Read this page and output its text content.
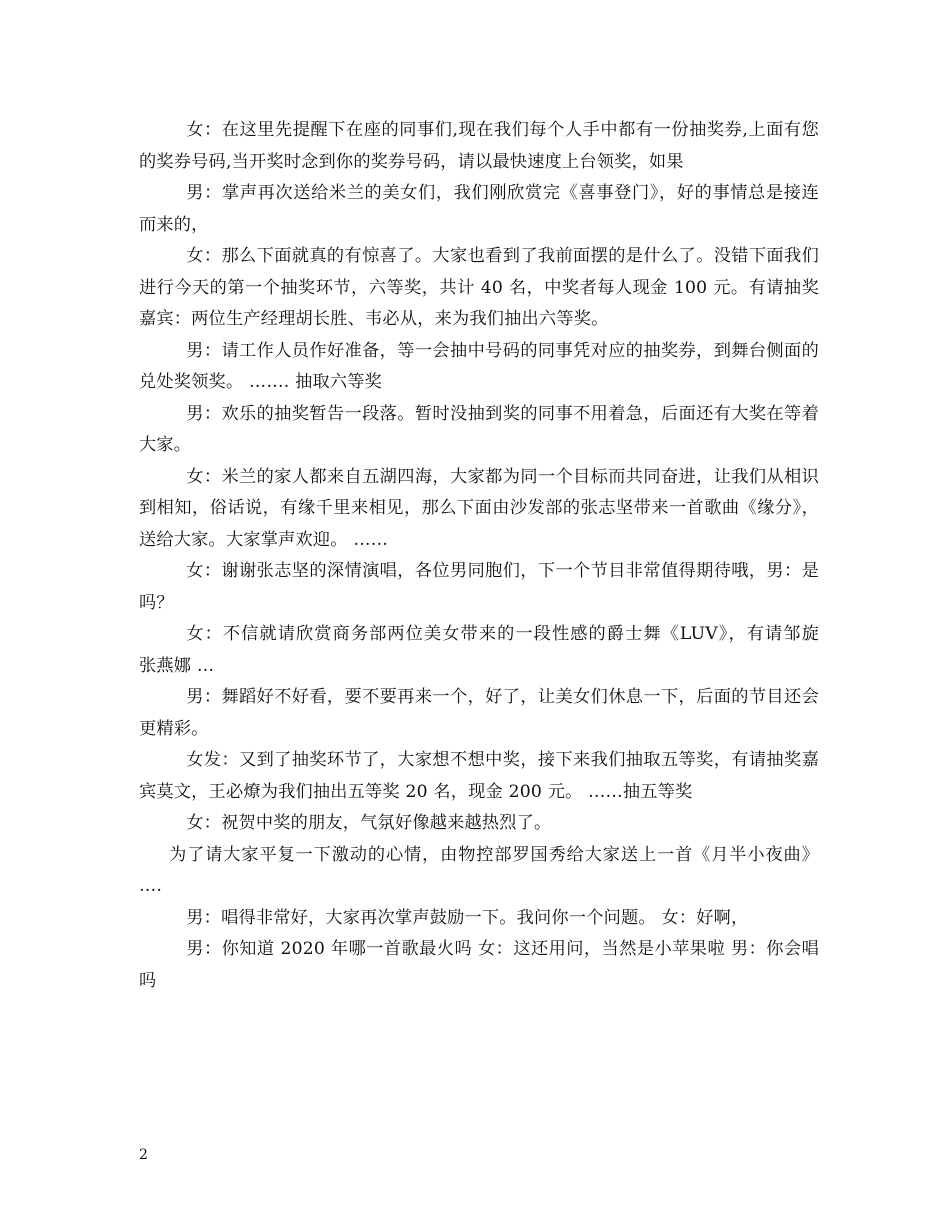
女：在这里先提醒下在座的同事们,现在我们每个人手中都有一份抽奖券,上面有您的奖券号码,当开奖时念到你的奖券号码，请以最快速度上台领奖，如果

男：掌声再次送给米兰的美女们，我们刚欣赏完《喜事登门》，好的事情总是接连而来的，

女：那么下面就真的有惊喜了。大家也看到了我前面摆的是什么了。没错下面我们进行今天的第一个抽奖环节，六等奖，共计 40 名，中奖者每人现金 100 元。有请抽奖嘉宾：两位生产经理胡长胜、韦必从，来为我们抽出六等奖。

男：请工作人员作好准备，等一会抽中号码的同事凭对应的抽奖券，到舞台侧面的兑处奖领奖。 ……. 抽取六等奖

男：欢乐的抽奖暂告一段落。暂时没抽到奖的同事不用着急，后面还有大奖在等着大家。

女：米兰的家人都来自五湖四海，大家都为同一个目标而共同奋进，让我们从相识到相知，俗话说，有缘千里来相见，那么下面由沙发部的张志坚带来一首歌曲《缘分》，送给大家。大家掌声欢迎。 ……

女：谢谢张志坚的深情演唱，各位男同胞们，下一个节目非常值得期待哦，男：是吗？

女：不信就请欣赏商务部两位美女带来的一段性感的爵士舞《LUV》，有请邹旋　张燕娜 …

男：舞蹈好不好看，要不要再来一个，好了，让美女们休息一下，后面的节目还会更精彩。

女发：又到了抽奖环节了，大家想不想中奖，接下来我们抽取五等奖，有请抽奖嘉宾莫文，王必燎为我们抽出五等奖 20 名，现金 200 元。 ……抽五等奖

女：祝贺中奖的朋友，气氛好像越来越热烈了。

为了请大家平复一下激动的心情，由物控部罗国秀给大家送上一首《月半小夜曲》 ….

男：唱得非常好，大家再次掌声鼓励一下。我问你一个问题。 女：好啊，

男：你知道 2020 年哪一首歌最火吗 女：这还用问，当然是小苹果啦 男：你会唱吗

2
